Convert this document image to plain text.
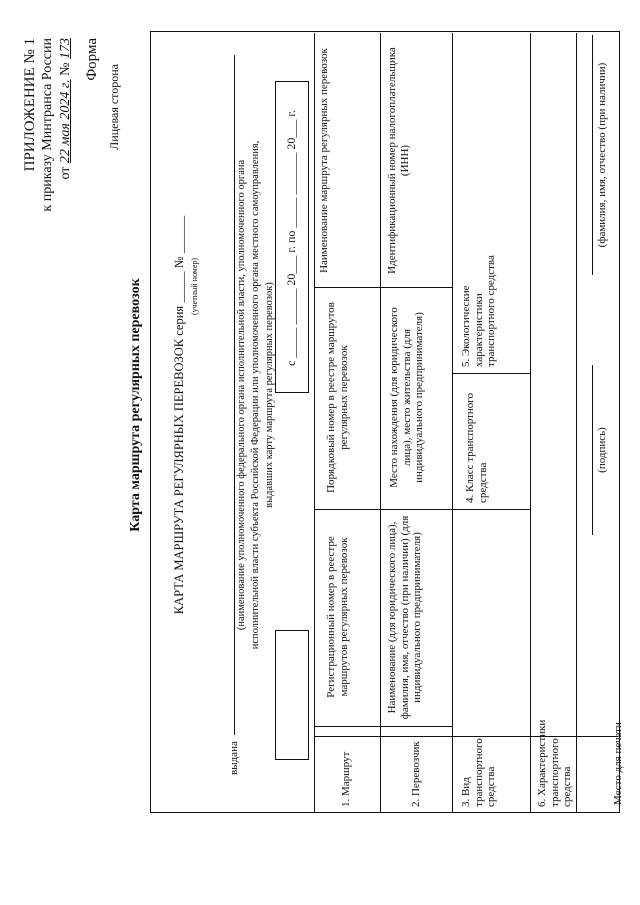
ПРИЛОЖЕНИЕ № 1 к приказу Минтранса России от 22 мая 2024 г. № 173 Форма
Лицевая сторона
Карта маршрута регулярных перевозок КАРТА МАРШРУТА РЕГУЛЯРНЫХ ПЕРЕВОЗОК серия _____ № ______ (учетный номер)
выдана
(наименование уполномоченного федерального органа исполнительной власти, уполномоченного органа исполнительной власти субъекта Российской Федерации или уполномоченного органа местного самоуправления, выдавших карту маршрута регулярных перевозок)
с _____ ______ 20___ г. по _____ _______ 20___ г.
1. Маршрут
Регистрационный номер в реестре маршрутов регулярных перевозок
Порядковый номер в реестре маршрутов регулярных перевозок
Наименование маршрута регулярных перевозок
2. Перевозчик
Наименование (для юридического лица), фамилия, имя, отчество (при наличии) (для индивидуального предпринимателя)
Место нахождения (для юридического лица), место жительства (для индивидуального предпринимателя)
Идентификационный номер налогоплательщика (ИНН)
3. Вид транспортного средства
4. Класс транспортного средства
5. Экологические характеристики транспортного средства
6. Характеристики транспортного средства	Место для печати
(подпись)
(фамилия, имя, отчество (при наличии)
